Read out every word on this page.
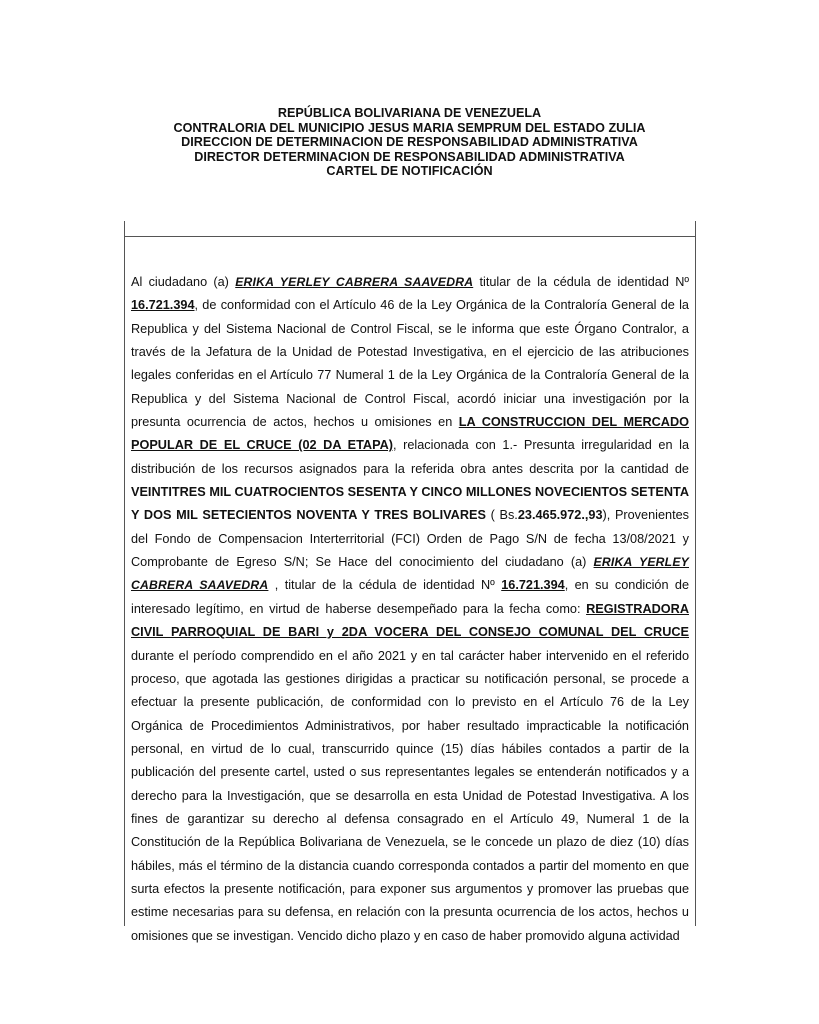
REPÚBLICA BOLIVARIANA DE VENEZUELA
CONTRALORIA DEL MUNICIPIO JESUS MARIA SEMPRUM DEL ESTADO ZULIA
DIRECCION DE DETERMINACION DE RESPONSABILIDAD ADMINISTRATIVA
DIRECTOR DETERMINACION DE RESPONSABILIDAD ADMINISTRATIVA
CARTEL DE NOTIFICACIÓN
Al ciudadano (a) ERIKA YERLEY CABRERA SAAVEDRA titular de la cédula de identidad Nº 16.721.394, de conformidad con el Artículo 46 de la Ley Orgánica de la Contraloría General de la Republica y del Sistema Nacional de Control Fiscal, se le informa que este Órgano Contralor, a través de la Jefatura de la Unidad de Potestad Investigativa, en el ejercicio de las atribuciones legales conferidas en el Artículo 77 Numeral 1 de la Ley Orgánica de la Contraloría General de la Republica y del Sistema Nacional de Control Fiscal, acordó iniciar una investigación por la presunta ocurrencia de actos, hechos u omisiones en LA CONSTRUCCION DEL MERCADO POPULAR DE EL CRUCE (02 DA ETAPA), relacionada con 1.- Presunta irregularidad en la distribución de los recursos asignados para la referida obra antes descrita por la cantidad de VEINTITRES MIL CUATROCIENTOS SESENTA Y CINCO MILLONES NOVECIENTOS SETENTA Y DOS MIL SETECIENTOS NOVENTA Y TRES BOLIVARES ( Bs.23.465.972.,93), Provenientes del Fondo de Compensacion Interterritorial (FCI) Orden de Pago S/N de fecha 13/08/2021 y Comprobante de Egreso S/N; Se Hace del conocimiento del ciudadano (a) ERIKA YERLEY CABRERA SAAVEDRA , titular de la cédula de identidad Nº 16.721.394, en su condición de interesado legítimo, en virtud de haberse desempeñado para la fecha como: REGISTRADORA CIVIL PARROQUIAL DE BARI y 2DA VOCERA DEL CONSEJO COMUNAL DEL CRUCE durante el período comprendido en el año 2021 y en tal carácter haber intervenido en el referido proceso, que agotada las gestiones dirigidas a practicar su notificación personal, se procede a efectuar la presente publicación, de conformidad con lo previsto en el Artículo 76 de la Ley Orgánica de Procedimientos Administrativos, por haber resultado impracticable la notificación personal, en virtud de lo cual, transcurrido quince (15) días hábiles contados a partir de la publicación del presente cartel, usted o sus representantes legales se entenderán notificados y a derecho para la Investigación, que se desarrolla en esta Unidad de Potestad Investigativa. A los fines de garantizar su derecho al defensa consagrado en el Artículo 49, Numeral 1 de la Constitución de la República Bolivariana de Venezuela, se le concede un plazo de diez (10) días hábiles, más el término de la distancia cuando corresponda contados a partir del momento en que surta efectos la presente notificación, para exponer sus argumentos y promover las pruebas que estime necesarias para su defensa, en relación con la presunta ocurrencia de los actos, hechos u omisiones que se investigan. Vencido dicho plazo y en caso de haber promovido alguna actividad
